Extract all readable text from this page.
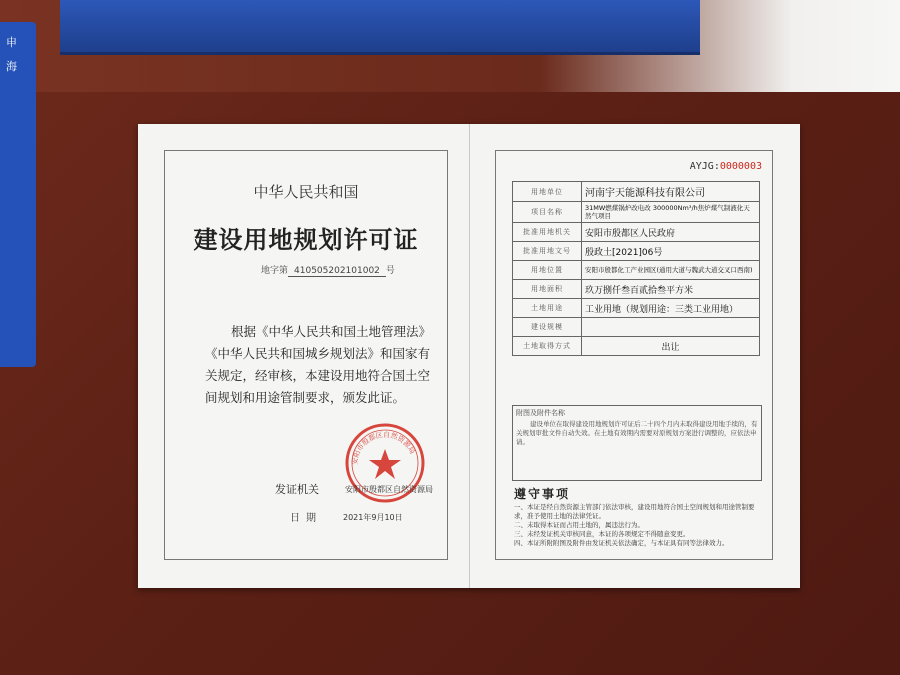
申
海
中华人民共和国
建设用地规划许可证
地字第 410505202101002 号
根据《中华人民共和国土地管理法》《中华人民共和国城乡规划法》和国家有关规定，经审核，本建设用地符合国土空间规划和用途管制要求，颁发此证。
安阳市殷都区自然资源局
发证机关	安阳市殷都区自然资源局
日期	2021年9月10日
AYJG:0000003
用地单位	河南宇天能源科技有限公司
项目名称	31MW燃煤锅炉改电改 300000Nm³/h焦炉煤气制液化天然气项目
批准用地机关	安阳市殷都区人民政府
批准用地文号	殷政土[2021]06号
用地位置	安阳市殷都化工产业园区(通用大道与魏武大道交叉口西南)
用地面积	玖万捌仟叁百贰拾叁平方米
土地用途	工业用地（规划用途：三类工业用地）
建设规模	
土地取得方式	出让
附图及附件名称
建设单位在取得建设用地规划许可证后二十四个月内未取得建设用地手续的，有关规划审批文件自动失效。在土地有效期内需要对原规划方案进行调整的，应依法申请。
遵守事项
一、本证是经自然资源主管部门依法审核，建设用地符合国土空间规划和用途管制要求，准予使用土地的法律凭证。
二、未取得本证而占用土地的，属违法行为。
三、未经发证机关审核同意，本证的各项规定不得随意变更。
四、本证所附附图及附件由发证机关依法确定，与本证具有同等法律效力。
